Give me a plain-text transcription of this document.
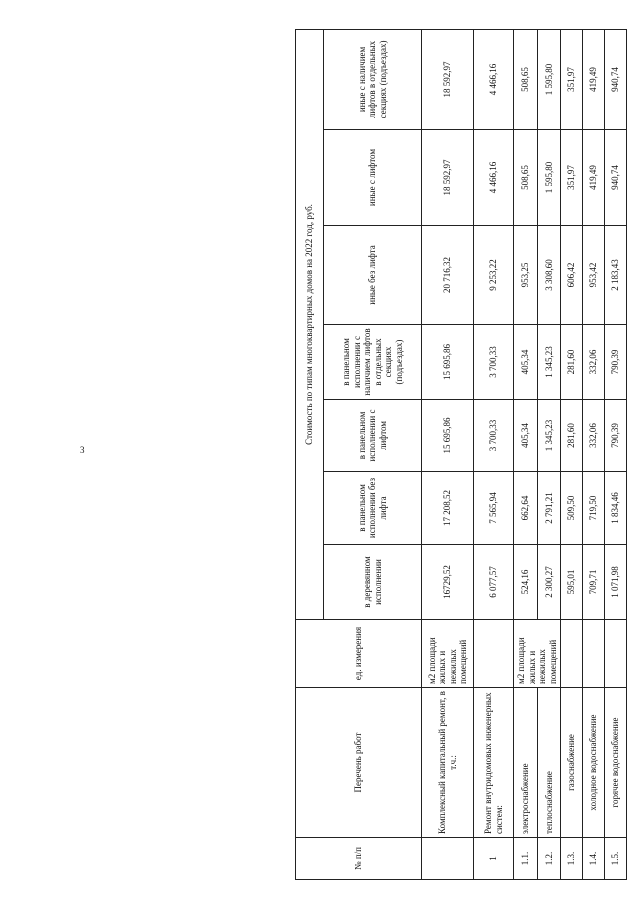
3
№ п/п	Перечень работ	ед. измерения	Стоимость по типам многоквартирных домов на 2022 год, руб.						
			в деревянном исполнении	в панельном исполнении без лифта	в панельном исполнении с лифтом	в панельном исполнении с наличием лифтов в отдельных секциях (подъездах)	иные без лифта	иные с лифтом	иные с наличием лифтов в отдельных секциях (подъездах)
	Комплексный капитальный ремонт, в т.ч.:	м2 площади жилых и нежилых помещений	16729,52	17 208,52	15 695,86	15 695,86	20 716,32	18 592,97	18 592,97
1	Ремонт внутридомовых инженерных систем:		6 077,57	7 565,94	3 700,33	3 700,33	9 253,22	4 466,16	4 466,16
1.1.	электроснабжение	м2 площади жилых и нежилых помещений	524,16	662,64	405,34	405,34	953,25	508,65	508,65
1.2.	теплоснабжение		2 300,27	2 791,21	1 345,23	1 345,23	3 308,60	1 595,80	1 595,80
1.3.	газоснабжение		595,01	509,50	281,60	281,60	606,42	351,97	351,97
1.4.	холодное водоснабжение		709,71	719,50	332,06	332,06	953,42	419,49	419,49
1.5.	горячее водоснабжение		1 071,98	1 834,46	790,39	790,39	2 183,43	940,74	940,74
